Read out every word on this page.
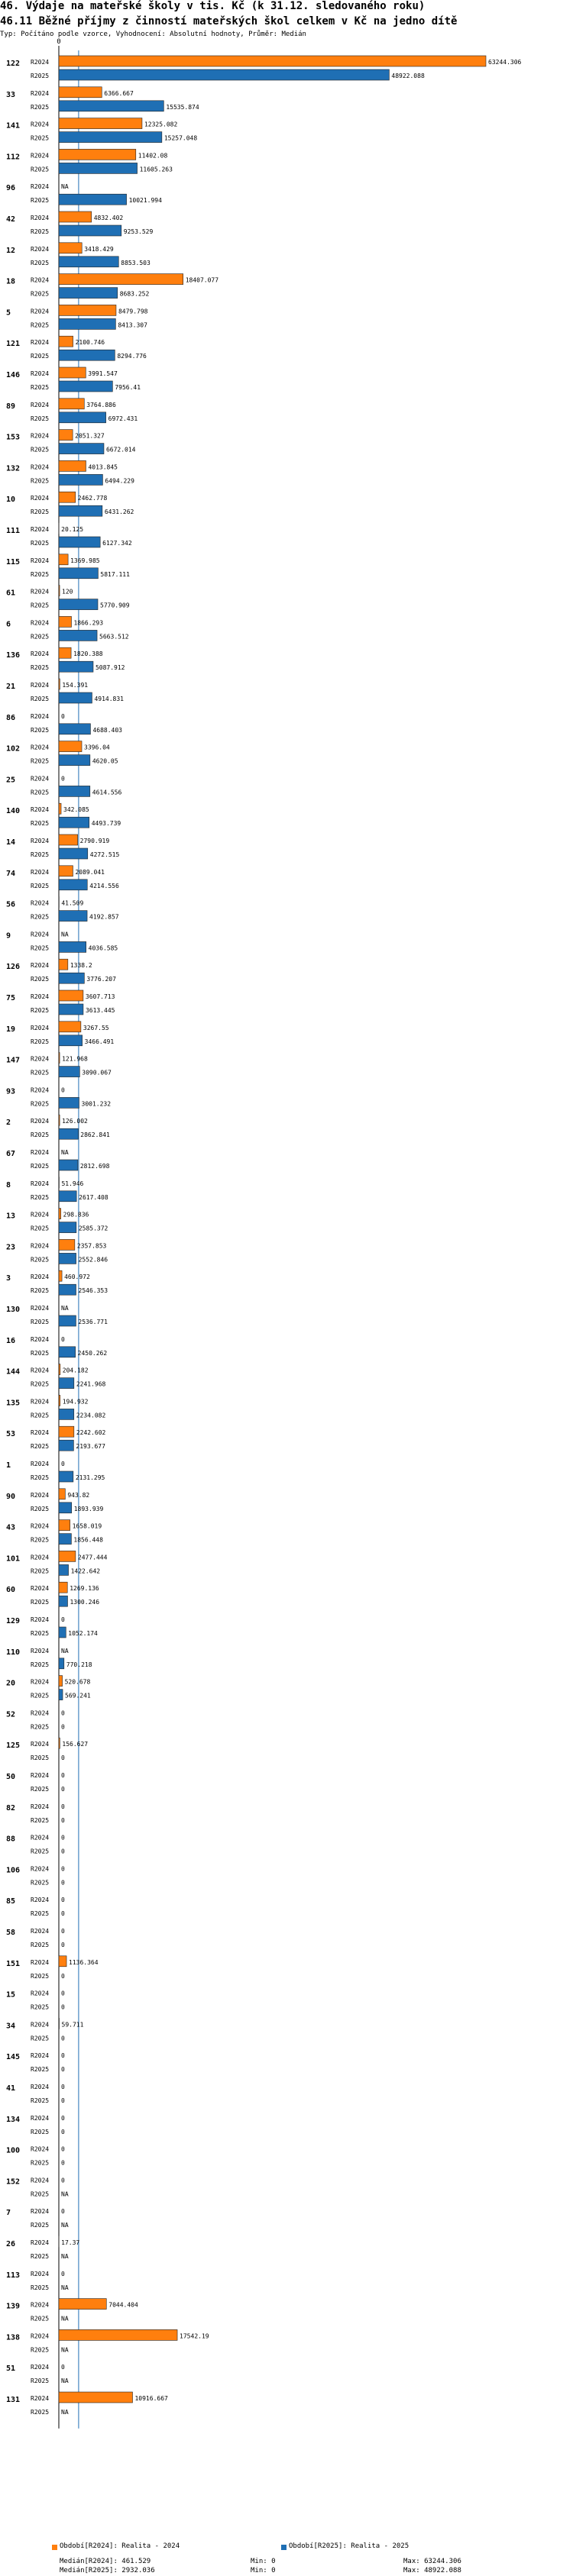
46. Výdaje na mateřské školy v tis. Kč (k 31.12. sledovaného roku)
46.11 Běžné příjmy z činností mateřských škol celkem v Kč na jedno dítě
Typ: Počítáno podle vzorce, Vyhodnocení: Absolutní hodnoty, Průměr: Medián
0
122 R2024	63244.306
R2025	48922.088
33 R2024	6366.667
R2025	15535.874
141 R2024	12325.082
R2025	15257.048
112 R2024	11402.08
R2025	11605.263
96 R2024 NA
R2025	10021.994
42 R2024	4832.402
R2025	9253.529
12 R2024	3418.429
R2025	8853.503
18 R2024	18407.077
R2025	8683.252
5	R2024	8479.798
R2025	8413.307
121 R2024	2100.746
R2025	8294.776
146 R2024	3991.547
R2025	7956.41
89 R2024	3764.886
R2025	6972.431
153 R2024	2051.327
R2025	6672.014
132 R2024	4013.845
R2025	6494.229
10 R2024	2462.778
R2025	6431.262
111 R2024 20.125
R2025	6127.342
115 R2024	1369.985
R2025	5817.111
61 R2024 120
R2025	5770.909
6	R2024	1866.293
R2025	5663.512
136 R2024	1820.388
R2025	5087.912
21 R2024 154.391
R2025	4914.831
86 R2024 0
R2025	4688.403
102 R2024	3396.04
R2025	4620.05
25 R2024 0
R2025	4614.556
140 R2024 342.085
R2025	4493.739
14 R2024	2790.919
R2025	4272.515
74 R2024	2089.041
R2025	4214.556
56 R2024 41.509
R2025	4192.857
9	R2024 NA
R2025	4036.585
126 R2024	1338.2
R2025	3776.207
75 R2024	3607.713
R2025	3613.445
19 R2024	3267.55
R2025	3466.491
147 R2024 121.968
R2025	3090.067
93 R2024 0
R2025	3001.232
2	R2024 126.002
R2025	2862.841
67 R2024 NA
R2025	2812.698
8	R2024 51.946
R2025	2617.408
13 R2024 298.836
R2025	2585.372
23 R2024	2357.853
R2025	2552.846
3	R2024 460.972
R2025	2546.353
130 R2024 NA
R2025	2536.771
16 R2024 0
R2025	2450.262
144 R2024 204.182
R2025	2241.968
135 R2024 194.932
R2025	2234.082
53 R2024	2242.602
R2025	2193.677
1	R2024 0
R2025	2131.295
90 R2024	943.82
R2025	1893.939
43 R2024	1658.019
R2025	1856.448
101 R2024	2477.444
R2025	1422.642
60 R2024	1269.136
R2025	1300.246
129 R2024 0
R2025	1052.174
110 R2024 NA
R2025	770.218
20 R2024	520.678
R2025	569.241
52 R2024 0
R2025 0
125 R2024 156.627
R2025 0
50 R2024 0
R2025 0
82 R2024 0
R2025 0
88 R2024 0
R2025 0
106 R2024 0
R2025 0
85 R2024 0
R2025 0
58 R2024 0
R2025 0
151 R2024	1136.364
R2025 0
15 R2024 0
R2025 0
34 R2024 59.711
R2025 0
145 R2024 0
R2025 0
41 R2024 0
R2025 0
134 R2024 0
R2025 0
100 R2024 0
R2025 0
152 R2024 0
R2025 NA
7	R2024 0
R2025 NA
26 R2024 17.37
R2025 NA
113 R2024 0
R2025 NA
139 R2024	7044.404
R2025 NA
138 R2024	17542.19
R2025 NA
51 R2024 0
R2025 NA
131 R2024	10916.667
R2025 NA
Období[R2024]: Realita - 2024	Období[R2025]: Realita - 2025
Medián[R2024]: 461.529	Min: 0	Max: 63244.306
Medián[R2025]: 2932.036	Min: 0	Max: 48922.088
